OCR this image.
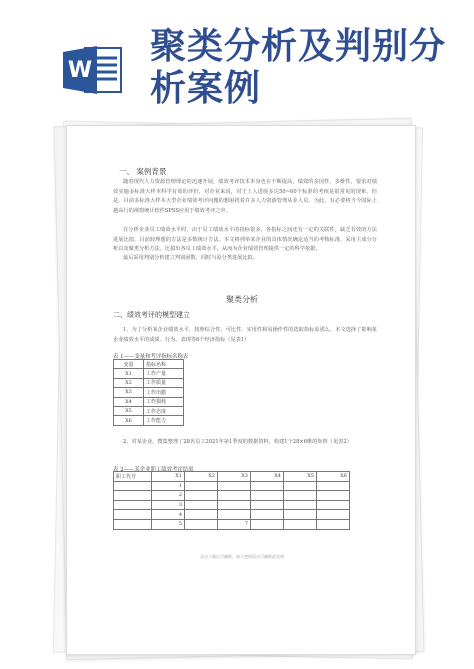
W
聚类分析及判别分析案例
一、 案例背景
随着现代人力资源管理理论的迅速开展，绩效考评技术本身也在不断提高，绩效的多因性、多维性，要求对绩效实施多标准大样本科学有效的评价，对企业来说，对于上人进展多达50~60个标准的考核是很常见的现象。但是，目前多标准大样本大型企业绩效考评问题的想困扰着许多人力资源管理从业人员。为此，有必要将当今国际上越高行的视窗统计软件SPSS应用于绩效考评之中。
在分析企业员工绩效水平时，由于员工绩效水平的指标很多，各指标之间还有一定的关联性，缺乏有效的方法进展比拟，目前较理想的方法是多数统计方法。本文将列举某企业的具体情况确定适当的考核标准，采用主成分分析以及聚类分析方法，比拟出各员工绩效水平，从而为企业绩效管理提供一定的科学依据。
最后采用判别分析建立判别函数，同时与原分类进展比拟。
聚类分析
二、绩效考评的模型建立
1、为了分析某企业绩效水平，按照综合性、可比性、实用性和易操作性的选取指标原那么，本文选择了影响某企业绩效水平的成果、行为、表现等6个经济指标（见表1）
表 1——变量和考评指标名称表
变量	指标名称
X1	工作产量
X2	工作质量
X3	工作出勤
X4	工作损耗
X5	工作态度
X6	工作能力
2、对某企业，搜集整理了28名员工2021年第1季度的数据资料，构建1个28×6维的矩阵（见表2）
表 2——某企业职工绩效考评结果
职工代号	X1	X2	X3	X4	X5	X6
	1					
	2					
	3					
	4					
	5		7			
双击下载后可删除，如不想保留也可删除此说明
